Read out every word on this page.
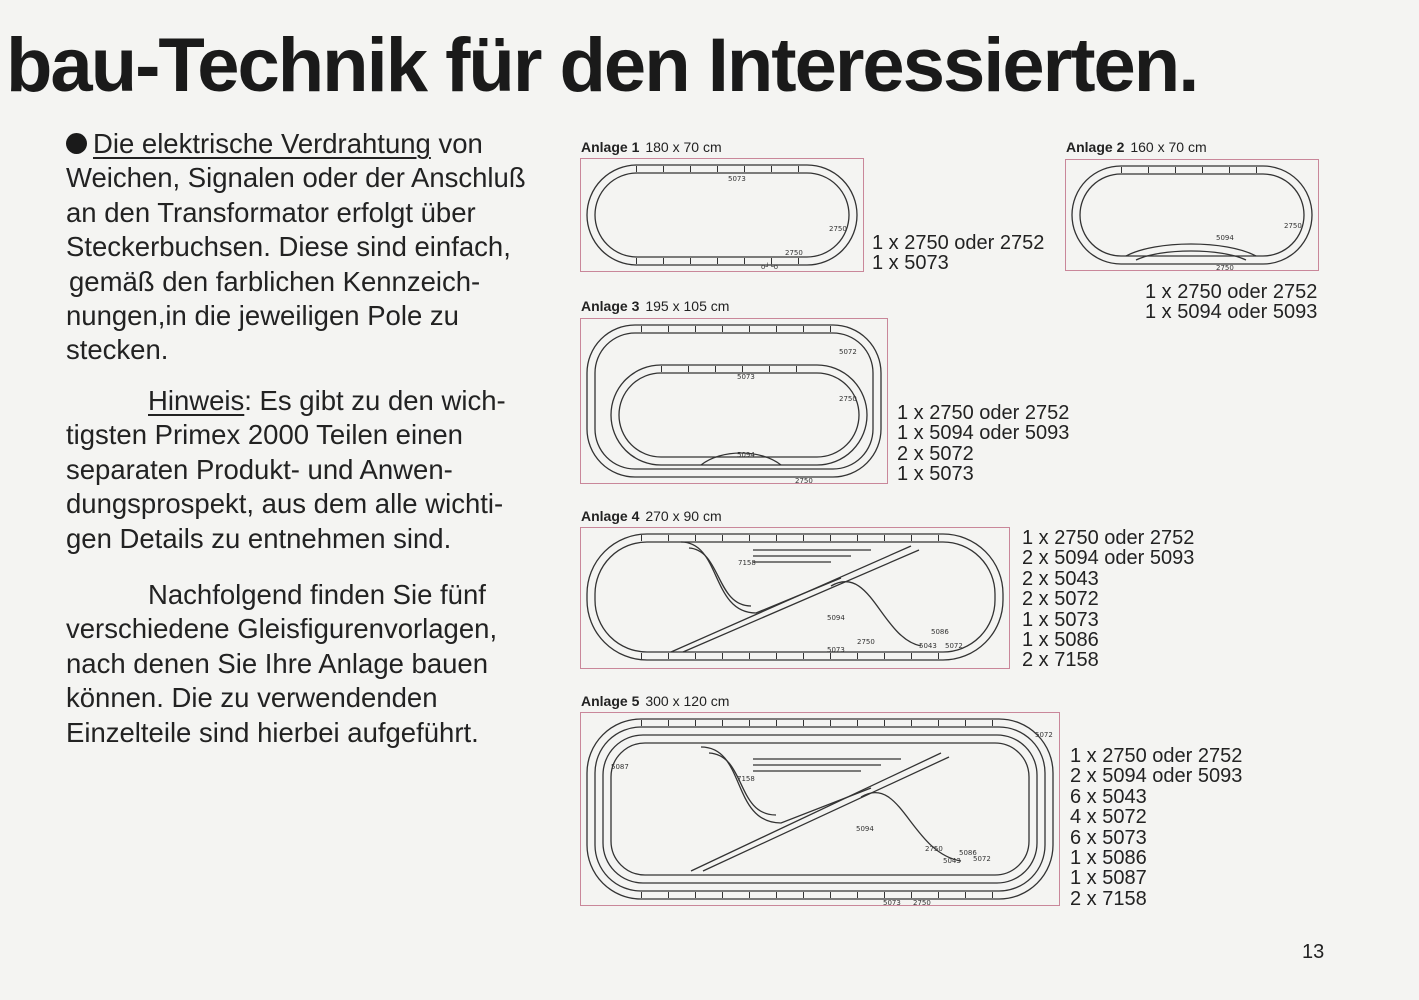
bau-Technik für den Interessierten.
Die elektrische Verdrahtung von
Weichen, Signalen oder der Anschluß
an den Transformator erfolgt über
Steckerbuchsen. Diese sind einfach,
gemäß den farblichen Kennzeich-
nungen,in die jeweiligen Pole zu
stecken.
Hinweis: Es gibt zu den wich-
tigsten Primex 2000 Teilen einen
separaten Produkt- und Anwen-
dungsprospekt, aus dem alle wichti-
gen Details zu entnehmen sind.
Nachfolgend finden Sie fünf
verschiedene Gleisfigurenvorlagen,
nach denen Sie Ihre Anlage bauen
können. Die zu verwendenden
Einzelteile sind hierbei aufgeführt.
Anlage 1 180 x 70 cm
5073
2750
2750
o┘└o
1 x 2750 oder 2752
1 x 5073
Anlage 2 160 x 70 cm
5094
2750
2750
1 x 2750 oder 2752
1 x 5094 oder 5093
Anlage 3 195 x 105 cm
5072
5073
2750
5094
2750
1 x 2750 oder 2752
1 x 5094 oder 5093
2 x 5072
1 x 5073
Anlage 4 270 x 90 cm
7158
5094
2750
5073
5086
5043 5072
1 x 2750 oder 2752
2 x 5094 oder 5093
2 x 5043
2 x 5072
1 x 5073
1 x 5086
2 x 7158
Anlage 5 300 x 120 cm
5072
5087
7158
5094
2750 5086
5043 5072
5073 2750
1 x 2750 oder 2752
2 x 5094 oder 5093
6 x 5043
4 x 5072
6 x 5073
1 x 5086
1 x 5087
2 x 7158
13
